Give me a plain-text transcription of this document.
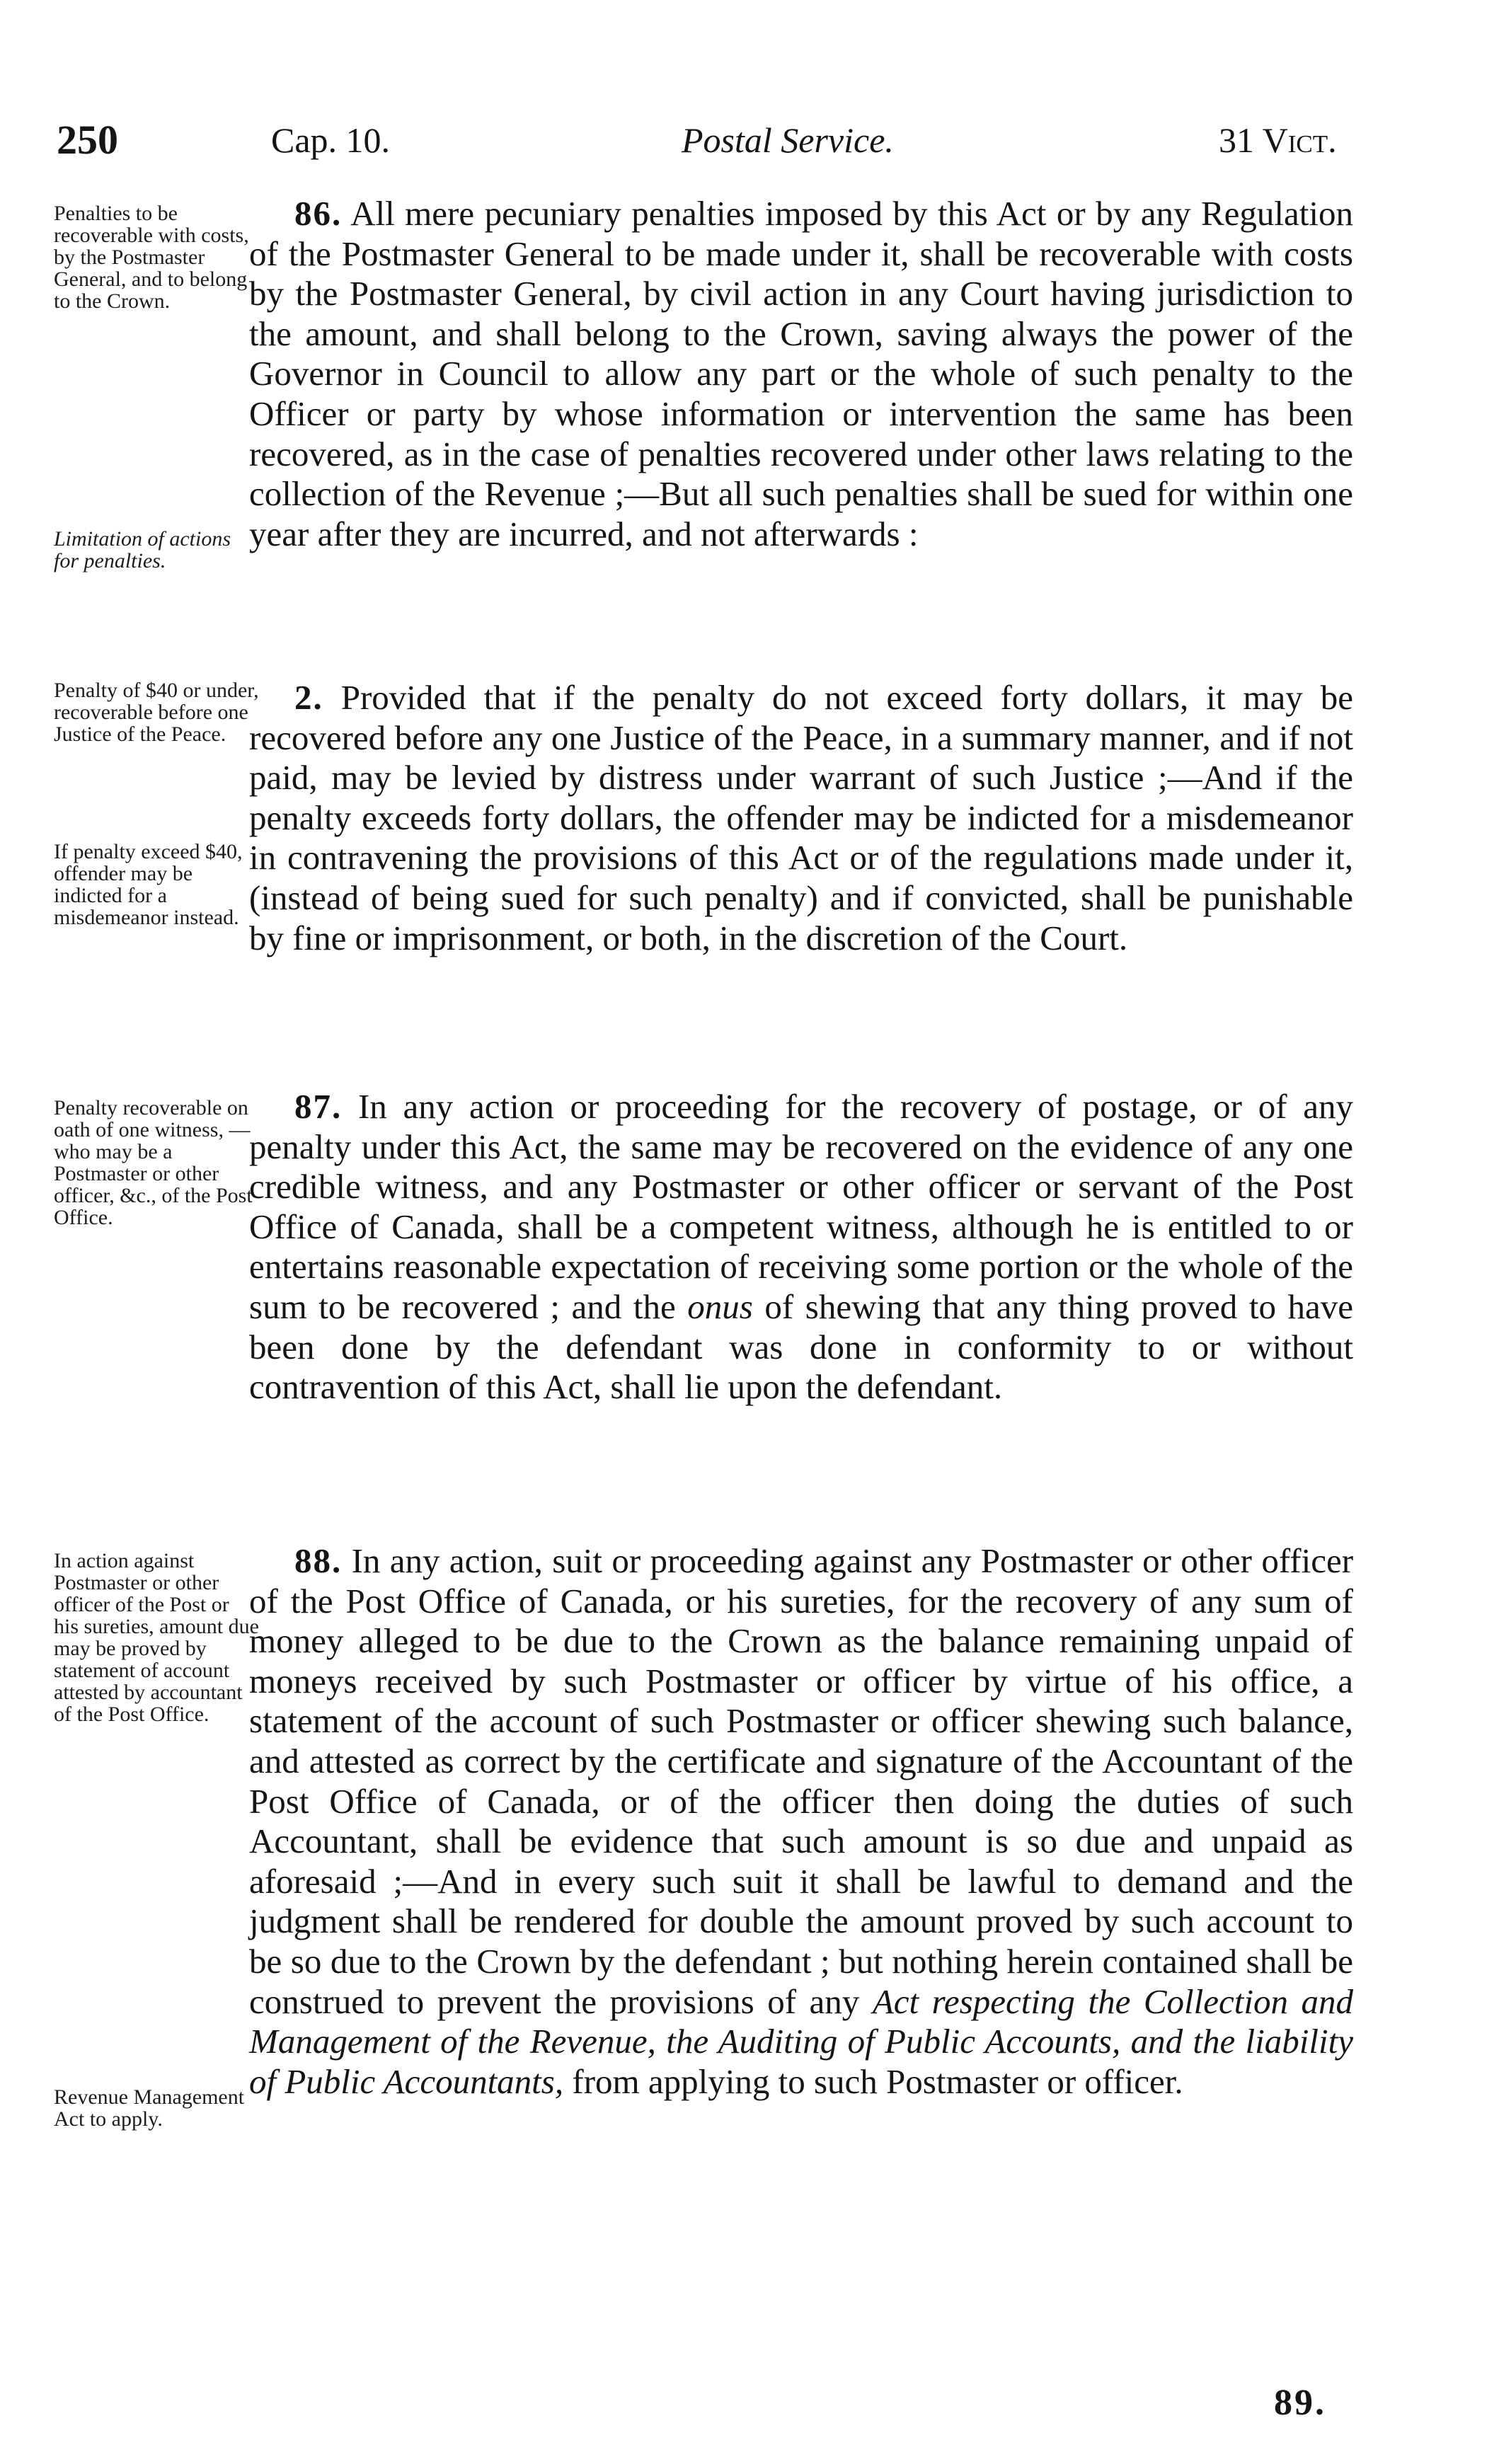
250	Cap. 10.	Postal Service.	31 Vict.
Penalties to be recoverable with costs, by the Postmaster General, and to belong to the Crown.
Limitation of actions for penalties.
Penalty of $40 or under, recoverable before one Justice of the Peace.
If penalty exceed $40, offender may be indicted for a misdemeanor instead.
Penalty recoverable on oath of one witness, —who may be a Postmaster or other officer, &c., of the Post Office.
In action against Postmaster or other officer of the Post or his sureties, amount due may be proved by statement of account attested by accountant of the Post Office.
Revenue Management Act to apply.
86. All mere pecuniary penalties imposed by this Act or by any Regulation of the Postmaster General to be made under it, shall be recoverable with costs by the Postmaster General, by civil action in any Court having jurisdiction to the amount, and shall belong to the Crown, saving always the power of the Governor in Council to allow any part or the whole of such penalty to the Officer or party by whose information or intervention the same has been recovered, as in the case of penalties recovered under other laws relating to the collection of the Revenue ;—But all such penalties shall be sued for within one year after they are incurred, and not afterwards :
2. Provided that if the penalty do not exceed forty dollars, it may be recovered before any one Justice of the Peace, in a summary manner, and if not paid, may be levied by distress under warrant of such Justice ;—And if the penalty exceeds forty dollars, the offender may be indicted for a misdemeanor in contravening the provisions of this Act or of the regulations made under it, (instead of being sued for such penalty) and if convicted, shall be punishable by fine or imprisonment, or both, in the discretion of the Court.
87. In any action or proceeding for the recovery of postage, or of any penalty under this Act, the same may be recovered on the evidence of any one credible witness, and any Postmaster or other officer or servant of the Post Office of Canada, shall be a competent witness, although he is entitled to or entertains reasonable expectation of receiving some portion or the whole of the sum to be recovered ; and the onus of shewing that any thing proved to have been done by the defendant was done in conformity to or without contravention of this Act, shall lie upon the defendant.
88. In any action, suit or proceeding against any Postmaster or other officer of the Post Office of Canada, or his sureties, for the recovery of any sum of money alleged to be due to the Crown as the balance remaining unpaid of moneys received by such Postmaster or officer by virtue of his office, a statement of the account of such Postmaster or officer shewing such balance, and attested as correct by the certificate and signature of the Accountant of the Post Office of Canada, or of the officer then doing the duties of such Accountant, shall be evidence that such amount is so due and unpaid as aforesaid ;—And in every such suit it shall be lawful to demand and the judgment shall be rendered for double the amount proved by such account to be so due to the Crown by the defendant ; but nothing herein contained shall be construed to prevent the provisions of any Act respecting the Collection and Management of the Revenue, the Auditing of Public Accounts, and the liability of Public Accountants, from applying to such Postmaster or officer.
89.
